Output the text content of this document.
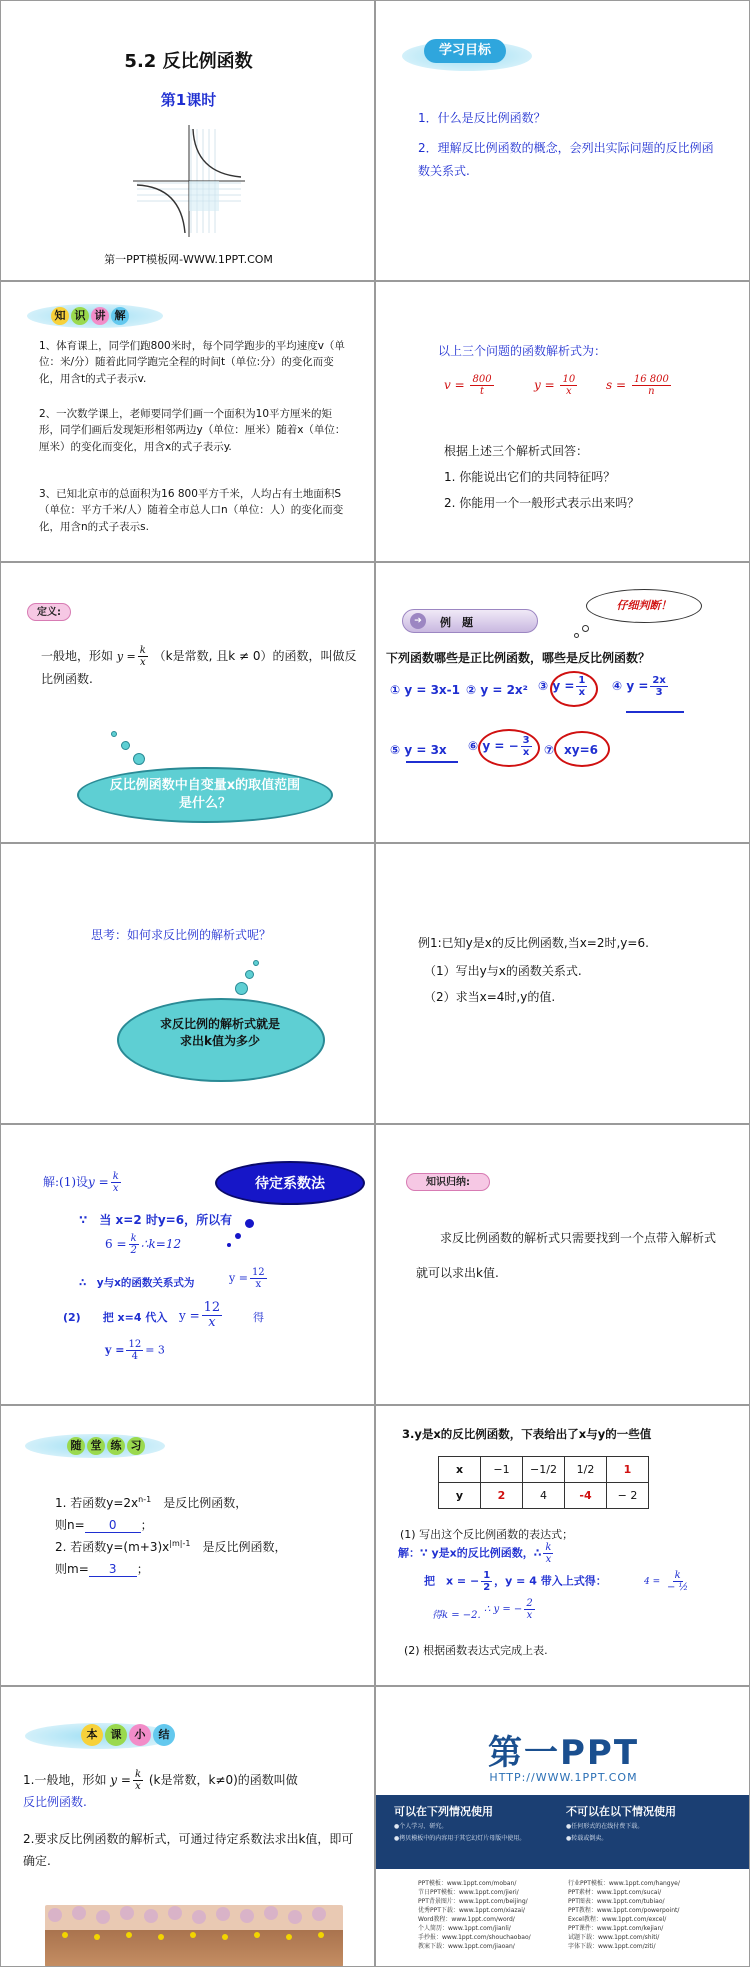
5.2 反比例函数
第1课时
第一PPT模板网-WWW.1PPT.COM
学习目标
1．什么是反比例函数？
2．理解反比例函数的概念，会列出实际问题的反比例函数关系式.
知 识 讲 解
1、体育课上，同学们跑800米时，每个同学跑步的平均速度v（单位：米/分）随着此同学跑完全程的时间t（单位:分）的变化而变化，用含t的式子表示v.
2、一次数学课上，老师要同学们画一个面积为10平方厘米的矩形，同学们画后发现矩形相邻两边y（单位：厘米）随着x（单位：厘米）的变化而变化，用含x的式子表示y.
3、已知北京市的总面积为16 800平方千米，人均占有土地面积S（单位：平方千米/人）随着全市总人口n（单位：人）的变化而变化，用含n的式子表示s.
以上三个问题的函数解析式为：
$v = \frac{800}{t}$	$y = \frac{10}{x}$ $s = \frac{16 800}{n}$
根据上述三个解析式回答：
1. 你能说出它们的共同特征吗？
2. 你能用一个一般形式表示出来吗？
定义:
一般地，形如 $y = \frac{k}{x} (k$是常数, 且k ≠ 0）的函数，叫做反比例函数.
反比例函数中自变量x的取值范围是什么？
➔	例　题
仔细判断！
下列函数哪些是正比例函数，哪些是反比例函数？
① y = 3x-1 ② y = 2x² ③ $y = \frac{1}{x}$ ④ $y = \frac{2x}{3}$
⑤ y = 3x ⑥ y = − $\frac{3}{x}$ ⑦ xy=6
思考：如何求反比例的解析式呢？
求反比例的解析式就是求出k值为多少
例1:已知y是x的反比例函数,当x=2时,y=6.
（1）写出y与x的函数关系式.
（2）求当x=4时,y的值.
解:(1)设$y = \frac{k}{x}$	待定系数法
∵　当 x=2 时y=6，所以有
$6 = \frac{k}{2}$ ∴k=12
∴　y与x的函数关系式为	$y = \frac{12}{x}$
(2)　　把 x=4 代入 $y = \frac{12}{x}$	得
$y = \frac{12}{4} = 3$
知识归纳:
求反比例函数的解析式只需要找到一个点带入解析式就可以求出k值.
随 堂 练 习
1. 若函数$y=2x^{n-1}$　 是反比例函数，
则n= 0 ；
2. 若函数$y=(m+3)x^{|m|-1}$　 是反比例函数，
则m= 3 ；
3.y是x的反比例函数，下表给出了x与y的一些值
x	−1	−1/2	1/2	1
y	2	4	-4	− 2
(1) 写出这个反比例函数的表达式；
解：∵ y是x的反比例函数，∴ $\frac{k}{x}$
把　x = − $\frac{1}{2}$ ，y = 4 带入上式得：	$4 = \frac{k}{\text{− ½}}$
得k = −2.
∴ y = − $\frac{2}{x}$
(2) 根据函数表达式完成上表.
本 课 小 结
1.一般地，形如 $y = \frac{k}{x} (k$是常数，k≠0)的函数叫做
反比例函数.
2.要求反比例函数的解析式，可通过待定系数法求出k值，即可确定.
第一PPT
HTTP://WWW.1PPT.COM
可以在下列情况使用
●个人学习、研究。
●拷贝模板中的内容用于其它幻灯片母版中使用。
不可以在以下情况使用
●任何形式的在线付费下载。
●转载或倒卖。
PPT模板：www.1ppt.com/moban/
节日PPT模板：www.1ppt.com/jieri/
PPT背景图片：www.1ppt.com/beijing/
优秀PPT下载：www.1ppt.com/xiazai/
Word教程：www.1ppt.com/word/
个人简历：www.1ppt.com/jianli/
手抄报：www.1ppt.com/shouchaobao/
教案下载：www.1ppt.com/jiaoan/
行业PPT模板：www.1ppt.com/hangye/
PPT素材：www.1ppt.com/sucai/
PPT图表：www.1ppt.com/tubiao/
PPT教程：www.1ppt.com/powerpoint/
Excel教程：www.1ppt.com/excel/
PPT课件：www.1ppt.com/kejian/
试题下载：www.1ppt.com/shiti/
字体下载：www.1ppt.com/ziti/
